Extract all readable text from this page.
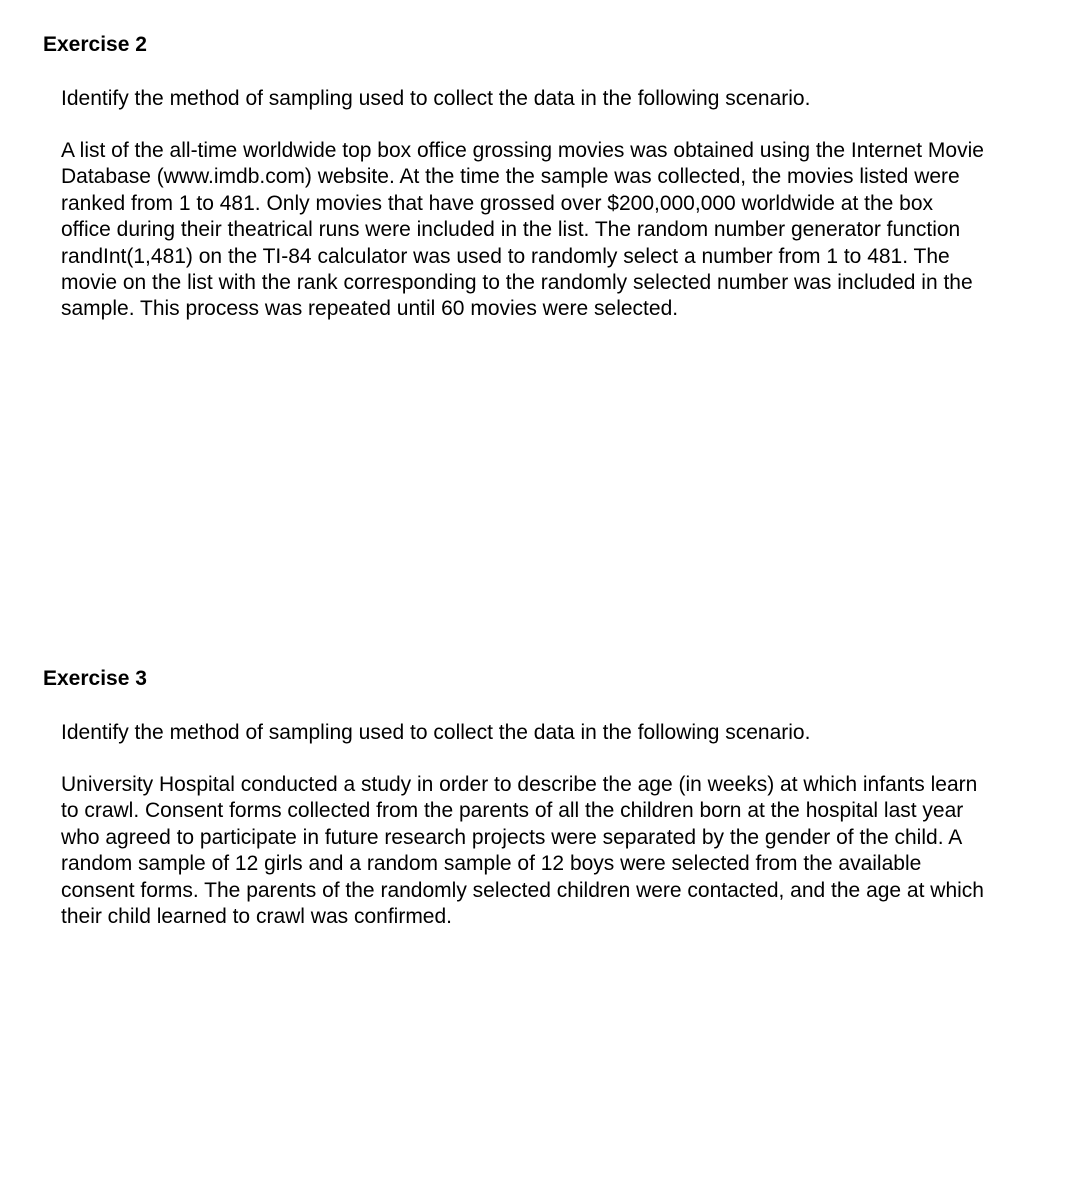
Exercise 2

Identify the method of sampling used to collect the data in the following scenario.

A list of the all-time worldwide top box office grossing movies was obtained using the Internet Movie
Database (www.imdb.com) website. At the time the sample was collected, the movies listed were
ranked from 1 to 481. Only movies that have grossed over $200,000,000 worldwide at the box
office during their theatrical runs were included in the list. The random number generator function
randInt(1,481) on the TI-84 calculator was used to randomly select a number from 1 to 481. The
movie on the list with the rank corresponding to the randomly selected number was included in the
sample. This process was repeated until 60 movies were selected.
Exercise 3

Identify the method of sampling used to collect the data in the following scenario.

University Hospital conducted a study in order to describe the age (in weeks) at which infants learn
to crawl. Consent forms collected from the parents of all the children born at the hospital last year
who agreed to participate in future research projects were separated by the gender of the child. A
random sample of 12 girls and a random sample of 12 boys were selected from the available
consent forms. The parents of the randomly selected children were contacted, and the age at which
their child learned to crawl was confirmed.
